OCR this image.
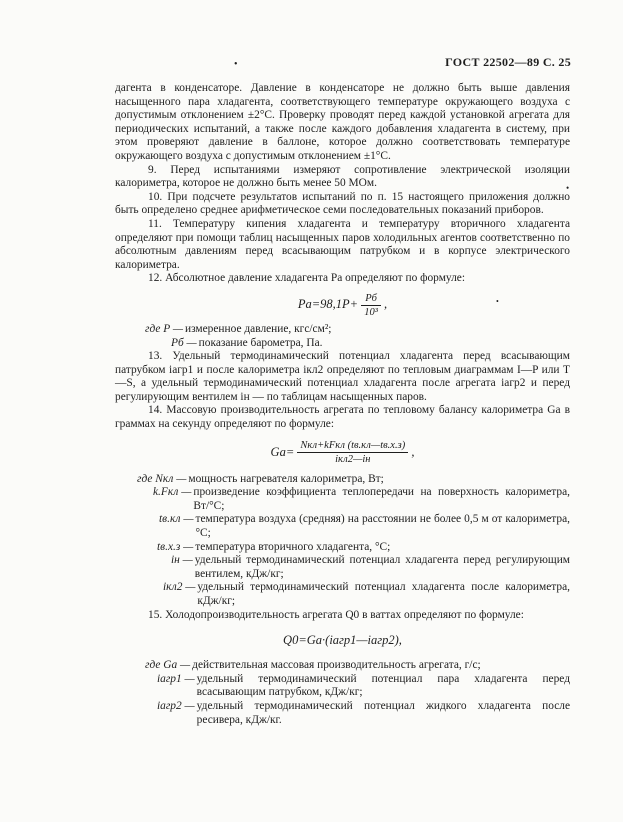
ГОСТ 22502—89 С. 25
•
•
•

дагента в конденсаторе. Давление в конденсаторе не должно быть выше давления насыщенного пара хладагента, соответствующего температуре окружающего воздуха с допустимым отклонением ±2°С. Проверку проводят перед каждой установкой агрегата для периодических испытаний, а также после каждого добавления хладагента в систему, при этом проверяют давление в баллоне, которое должно соответствовать температуре окружающего воздуха с допустимым отклонением ±1°С.

9. Перед испытаниями измеряют сопротивление электрической изоляции калориметра, которое не должно быть менее 50 МОм.

10. При подсчете результатов испытаний по п. 15 настоящего приложения должно быть определено среднее арифметическое семи последовательных показаний приборов.

11. Температуру кипения хладагента и температуру вторичного хладагента определяют при помощи таблиц насыщенных паров холодильных агентов соответственно по абсолютным давлениям перед всасывающим патрубком и в корпусе электрического калориметра.

12. Абсолютное давление хладагента Pa определяют по формуле:

$Pa=98,1P+ \frac{Pб}{\text{10³}}$ ,
где P — измеренное давление, кгс/см²;
Pб — показание барометра, Па.

13. Удельный термодинамический потенциал хладагента перед всасывающим патрубком iагр1 и после калориметра iкл2 определяют по тепловым диаграммам I—P или T—S, а удельный термодинамический потенциал хладагента после агрегата iагр2 и перед регулирующим вентилем iн — по таблицам насыщенных паров.

14. Массовую производительность агрегата по тепловому балансу калориметра Gа в граммах на секунду определяют по формуле:

$Ga= \frac{\text{Nкл+kFкл (tв.кл—tв.х.з)}}{\text{iкл2—iн}}$ ,
где Nкл — мощность нагревателя калориметра, Вт;
k.Fкл — произведение коэффициента теплопередачи на поверхность калориметра, Вт/°С;
tв.кл — температура воздуха (средняя) на расстоянии не более 0,5 м от калориметра, °С;
tв.х.з — температура вторичного хладагента, °С;
iн — удельный термодинамический потенциал хладагента перед регулирующим вентилем, кДж/кг;
iкл2 — удельный термодинамический потенциал хладагента после калориметра, кДж/кг;

15. Холодопроизводительность агрегата Q0 в ваттах определяют по формуле:

Q0=Ga·(iагр1—iагр2),
где Ga — действительная массовая производительность агрегата, г/с;
iагр1 — удельный термодинамический потенциал пара хладагента перед всасывающим патрубком, кДж/кг;
iагр2 — удельный термодинамический потенциал жидкого хладагента после ресивера, кДж/кг.
